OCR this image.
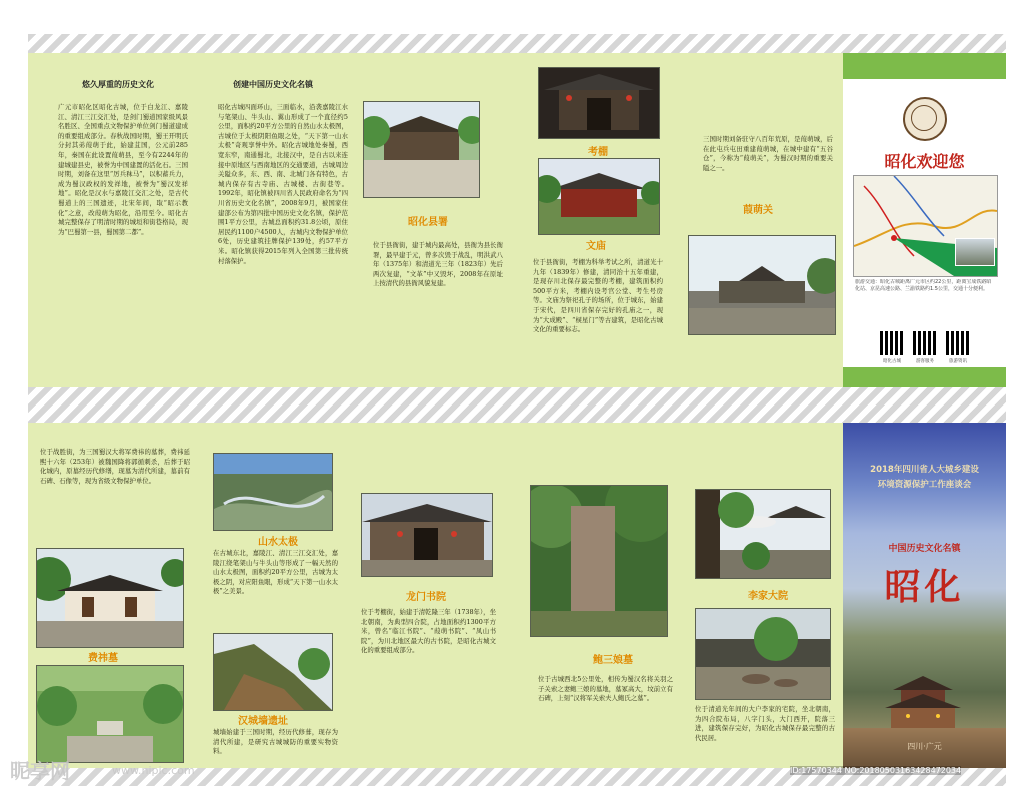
悠久厚重的历史文化
广元市昭化区昭化古城，位于白龙江、嘉陵江、清江三江交汇处，是剑门蜀道国家级风景名胜区、全国重点文物保护单位剑门蜀道建成的重要组成部分。春秋战国时期，蜀王开明氏分封其弟葭萌于此，始建苴国，公元前285年，秦国在此设置葭萌县，至今有2244年的建城建县史，被誉为中国建置的活化石。三国时期，刘备在这里“厉兵秣马”，以积蓄兵力，成为蜀汉政权的发祥地，被誉为“蜀汉发祥地”。昭化是汉水与嘉陵江交汇之处，是古代蜀道上的三国遗迹，北宋年间，取“昭示教化”之意，改葭萌为昭化，沿用至今。昭化古城完整保存了明清时期的城垣和街巷格局，现为“巴蜀第一县，蜀国第二都”。
创建中国历史文化名镇
昭化古城四面环山，三面临水，沿袭嘉陵江水与笔架山、牛头山、翼山形成了一个直径约5公里，面积约20平方公里的自然山水太极图，古城位于太极阴阳鱼眼之处，“天下第一山水太极”奇观享誉中外。昭化古城地处秦蜀，西宽东窄，南通蜀北，北接汉中，是自古以来连接中原地区与西南地区的交通要道，古城周边关隘众多，东、西、南、北城门各有特色，古城内保存有古寺庙、古城楼、古街巷等。1992年，昭化镇被四川省人民政府命名为“四川省历史文化名镇”，2008年9月，被国家住建部公布为第四批中国历史文化名镇，保护范围1平方公里，古城总面积约31.8公顷，原住居民约1100户4500人，古城内文物保护单位6处，历史建筑挂牌保护139处，约57平方米。昭化镇获得2015年列入全国第三批传统村落保护。
昭化县署
位于县衙街，建于城内最高处，县衙为县长衙署，最早建于元，曾多次毁于战乱，明洪武八年（1375年）和清道光三年（1823年）先后两次复建，“文革”中又毁坏，2008年在原址上按清代的县衙风貌复建。
考棚
文庙
位于县衙街，考棚为科举考试之所，清道光十九年（1839年）修建，清同治十五年重建，是现存川北保存最完整的考棚，建筑面积约500平方米，考棚内设考官公堂、考生号房等。文庙为祭祀孔子的场所，位于城东，始建于宋代，是四川省保存完好的孔庙之一，现为“大成殿”、“棂星门”等古建筑，是昭化古城文化的重要标志。
三国时期刘备驻守八百年荒原，是葭萌城，后在此屯兵屯田重建葭萌城，在城中建有“五谷仓”，今称为“葭萌关”，为蜀汉时期的重要关隘之一。
葭萌关
昭化欢迎您
旅游交通：昭化古城距离广元市区约22公里，距离宝成铁路昭化站、京昆高速公路、兰渝铁路约1.5公里，交通十分便利。
昭化古城	游客服务	旅游资讯
位于战胜街，为三国蜀汉大将军费祎的墓葬，费祎延熙十六年（253年）被魏国降将郭循刺杀，后葬于昭化城内，原墓经历代修缮，现墓为清代所建，墓前有石碑、石像等，现为省级文物保护单位。
费祎墓
山水太极
在古城东北，嘉陵江、清江三江交汇处，嘉陵江绕笔架山与牛头山等形成了一幅天然的山水太极图，面积约20平方公里，古城为太极之阴，对应阳鱼眼，形成“天下第一山水太极”之美景。
汉城墙遗址
城墙始建于三国时期，经历代修葺，现存为清代所建，是研究古城城防的重要实物资料。
龙门书院
位于考棚街，始建于清乾隆三年（1738年），坐北朝南，为典型四合院，占地面积约1300平方米，曾名“临江书院”、“葭萌书院”、“凤山书院”，为川北地区最大的古书院，是昭化古城文化的重要组成部分。
鲍三娘墓
位于古城西北5公里处，相传为蜀汉名将关羽之子关索之妻鲍三娘的墓地，墓冢高大，坟前立有石碑，上刻“汉将军关索夫人鲍氏之墓”。
李家大院
位于清道光年间的大户李家的宅院，坐北朝南，为四合院布局，八字门头，大门西开，院落三进，建筑保存完好，为昭化古城保存最完整的古代民居。
2018年四川省人大城乡建设
环境资源保护工作座谈会
中国历史文化名镇
昭化
四川·广元
昵享网	www.nipic.com	ID:17570344 NO:20180503163428472034
